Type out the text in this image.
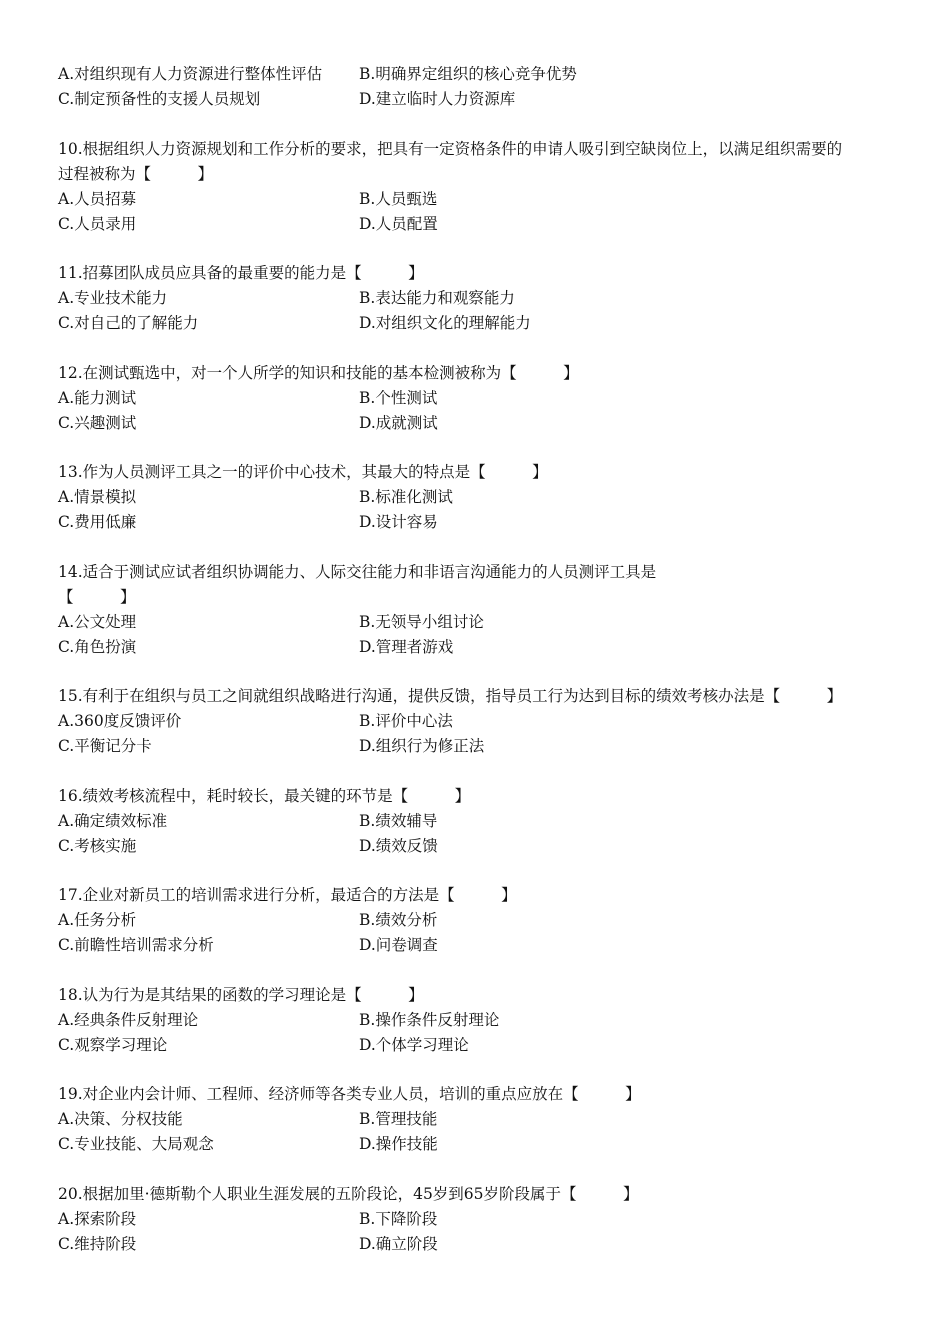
A.对组织现有人力资源进行整体性评估	B.明确界定组织的核心竞争优势
C.制定预备性的支援人员规划	D.建立临时人力资源库
10.根据组织人力资源规划和工作分析的要求，把具有一定资格条件的申请人吸引到空缺岗位上，以满足组织需要的
过程被称为【　　　】
A.人员招募	B.人员甄选
C.人员录用	D.人员配置
11.招募团队成员应具备的最重要的能力是【　　　】
A.专业技术能力	B.表达能力和观察能力
C.对自己的了解能力	D.对组织文化的理解能力
12.在测试甄选中，对一个人所学的知识和技能的基本检测被称为【　　　】
A.能力测试	B.个性测试
C.兴趣测试	D.成就测试
13.作为人员测评工具之一的评价中心技术，其最大的特点是【　　　】
A.情景模拟	B.标准化测试
C.费用低廉	D.设计容易
14.适合于测试应试者组织协调能力、人际交往能力和非语言沟通能力的人员测评工具是
【　　　】
A.公文处理	B.无领导小组讨论
C.角色扮演	D.管理者游戏
15.有利于在组织与员工之间就组织战略进行沟通，提供反馈，指导员工行为达到目标的绩效考核办法是【　　　】
A.360度反馈评价	B.评价中心法
C.平衡记分卡	D.组织行为修正法
16.绩效考核流程中，耗时较长，最关键的环节是【　　　】
A.确定绩效标准	B.绩效辅导
C.考核实施	D.绩效反馈
17.企业对新员工的培训需求进行分析，最适合的方法是【　　　】
A.任务分析	B.绩效分析
C.前瞻性培训需求分析	D.问卷调查
18.认为行为是其结果的函数的学习理论是【　　　】
A.经典条件反射理论	B.操作条件反射理论
C.观察学习理论	D.个体学习理论
19.对企业内会计师、工程师、经济师等各类专业人员，培训的重点应放在【　　　】
A.决策、分权技能	B.管理技能
C.专业技能、大局观念	D.操作技能
20.根据加里·德斯勒个人职业生涯发展的五阶段论，45岁到65岁阶段属于【　　　】
A.探索阶段	B.下降阶段
C.维持阶段	D.确立阶段
